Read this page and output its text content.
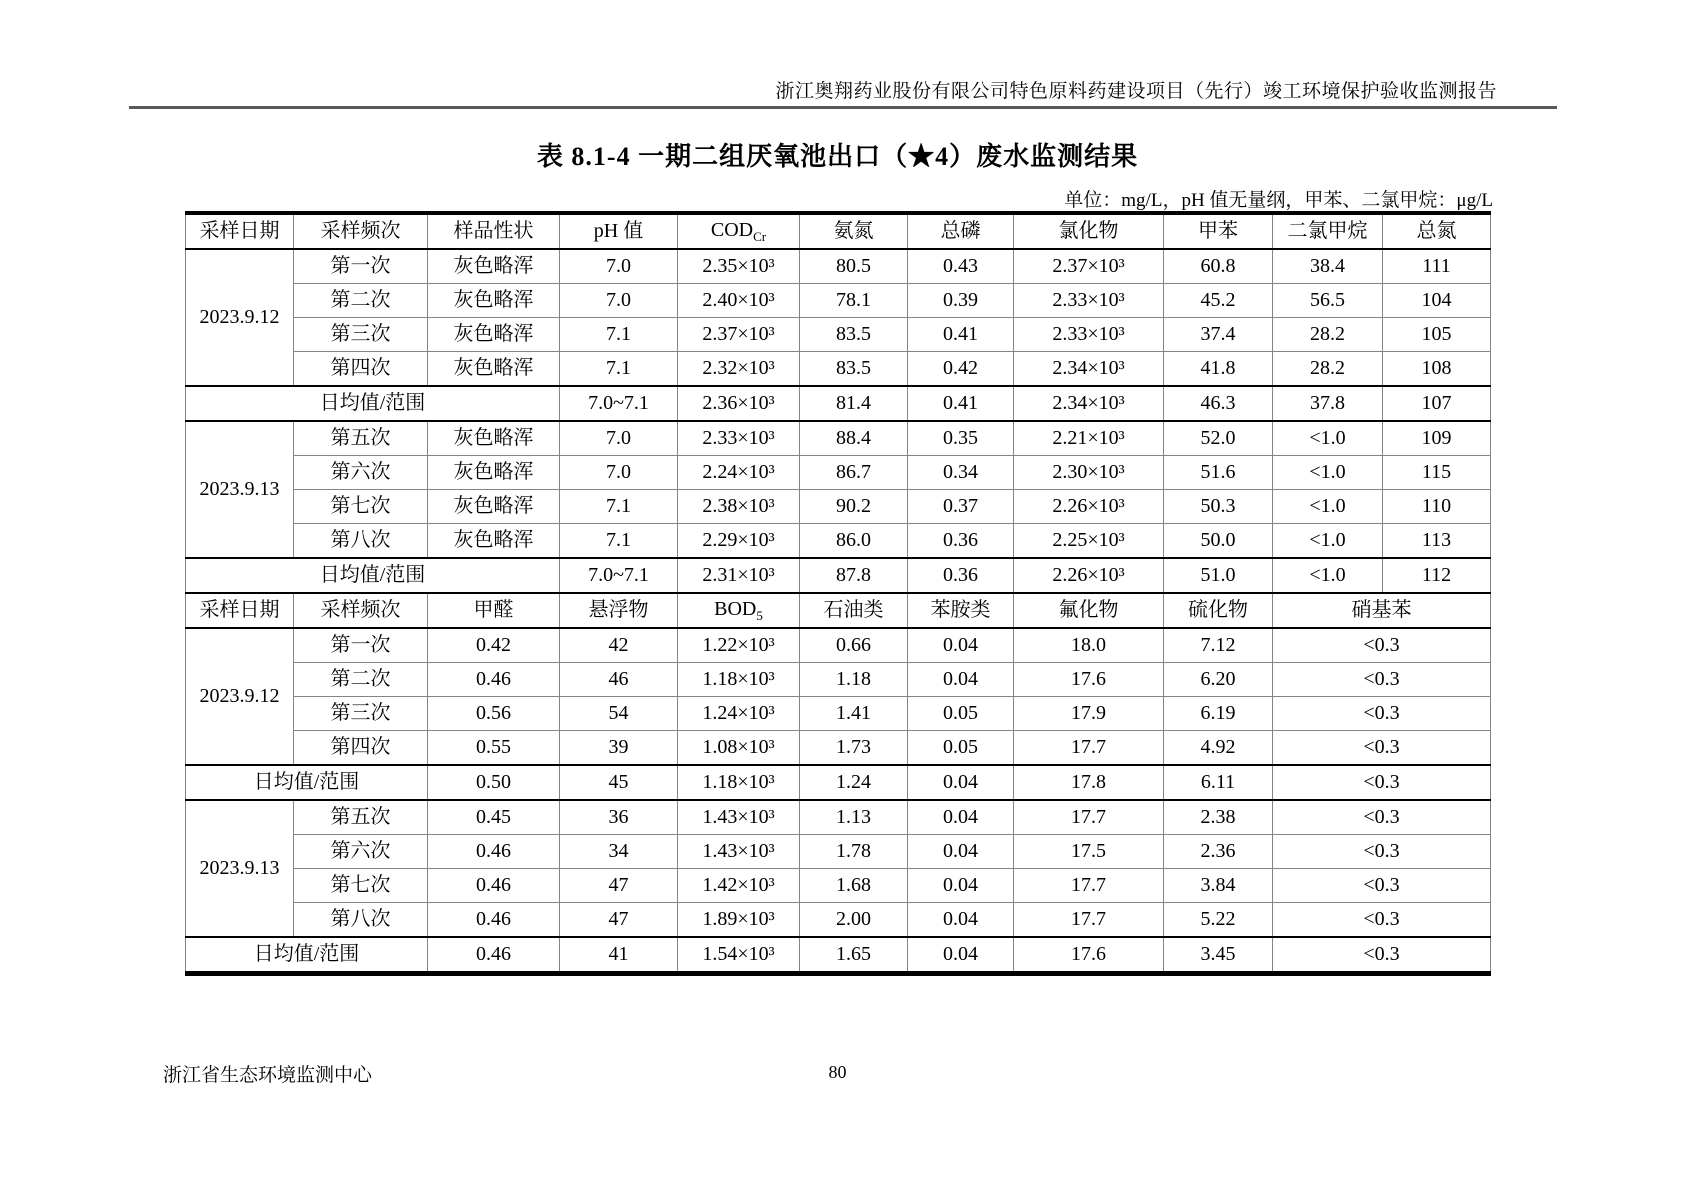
浙江奥翔药业股份有限公司特色原料药建设项目（先行）竣工环境保护验收监测报告
表 8.1-4 一期二组厌氧池出口（★4）废水监测结果
单位：mg/L，pH 值无量纲，甲苯、二氯甲烷：μg/L
采样日期	采样频次	样品性状	pH 值	$COD_{Cr}$	氨氮	总磷	氯化物	甲苯	二氯甲烷	总氮
2023.9.12	第一次	灰色略浑	7.0	2.35×10³	80.5	0.43	2.37×10³	60.8	38.4	111
	第二次	灰色略浑	7.0	2.40×10³	78.1	0.39	2.33×10³	45.2	56.5	104
	第三次	灰色略浑	7.1	2.37×10³	83.5	0.41	2.33×10³	37.4	28.2	105
	第四次	灰色略浑	7.1	2.32×10³	83.5	0.42	2.34×10³	41.8	28.2	108
日均值/范围			7.0~7.1	2.36×10³	81.4	0.41	2.34×10³	46.3	37.8	107
2023.9.13	第五次	灰色略浑	7.0	2.33×10³	88.4	0.35	2.21×10³	52.0	<1.0	109
	第六次	灰色略浑	7.0	2.24×10³	86.7	0.34	2.30×10³	51.6	<1.0	115
	第七次	灰色略浑	7.1	2.38×10³	90.2	0.37	2.26×10³	50.3	<1.0	110
	第八次	灰色略浑	7.1	2.29×10³	86.0	0.36	2.25×10³	50.0	<1.0	113
日均值/范围			7.0~7.1	2.31×10³	87.8	0.36	2.26×10³	51.0	<1.0	112
采样日期	采样频次	甲醛	悬浮物	$BOD_5$	石油类	苯胺类	氟化物	硫化物	硝基苯	
2023.9.12	第一次	0.42	42	1.22×10³	0.66	0.04	18.0	7.12	<0.3	
	第二次	0.46	46	1.18×10³	1.18	0.04	17.6	6.20	<0.3	
	第三次	0.56	54	1.24×10³	1.41	0.05	17.9	6.19	<0.3	
	第四次	0.55	39	1.08×10³	1.73	0.05	17.7	4.92	<0.3	
日均值/范围		0.50	45	1.18×10³	1.24	0.04	17.8	6.11	<0.3	
2023.9.13	第五次	0.45	36	1.43×10³	1.13	0.04	17.7	2.38	<0.3	
	第六次	0.46	34	1.43×10³	1.78	0.04	17.5	2.36	<0.3	
	第七次	0.46	47	1.42×10³	1.68	0.04	17.7	3.84	<0.3	
	第八次	0.46	47	1.89×10³	2.00	0.04	17.7	5.22	<0.3	
日均值/范围		0.46	41	1.54×10³	1.65	0.04	17.6	3.45	<0.3	
浙江省生态环境监测中心	80
